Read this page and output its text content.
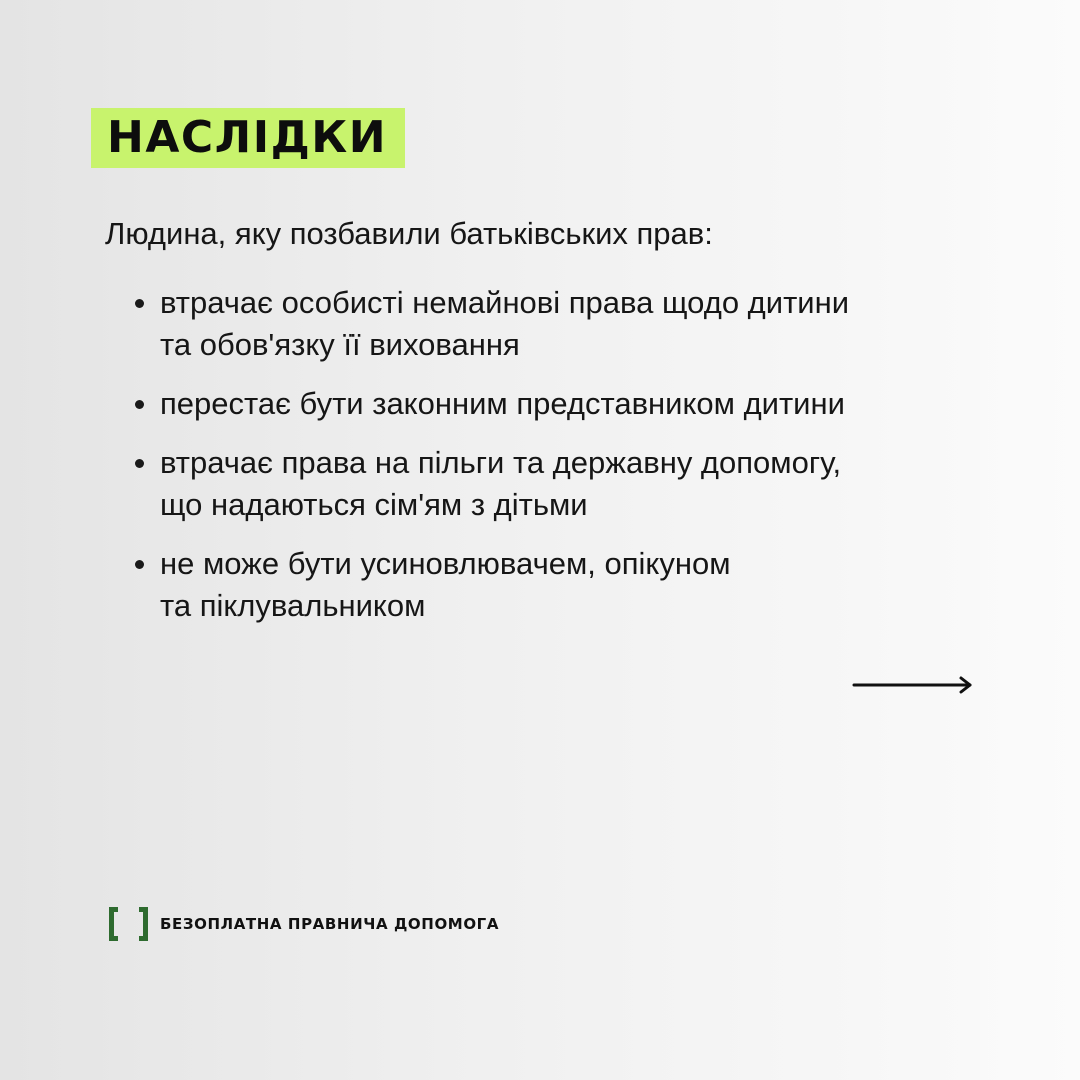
НАСЛІДКИ
Людина, яку позбавили батьківських прав:
втрачає особисті немайнові права щодо дитини
та обов'язку її виховання
перестає бути законним представником дитини
втрачає права на пільги та державну допомогу,
що надаються сім'ям з дітьми
не може бути усиновлювачем, опікуном
та піклувальником
БЕЗОПЛАТНА ПРАВНИЧА ДОПОМОГА
